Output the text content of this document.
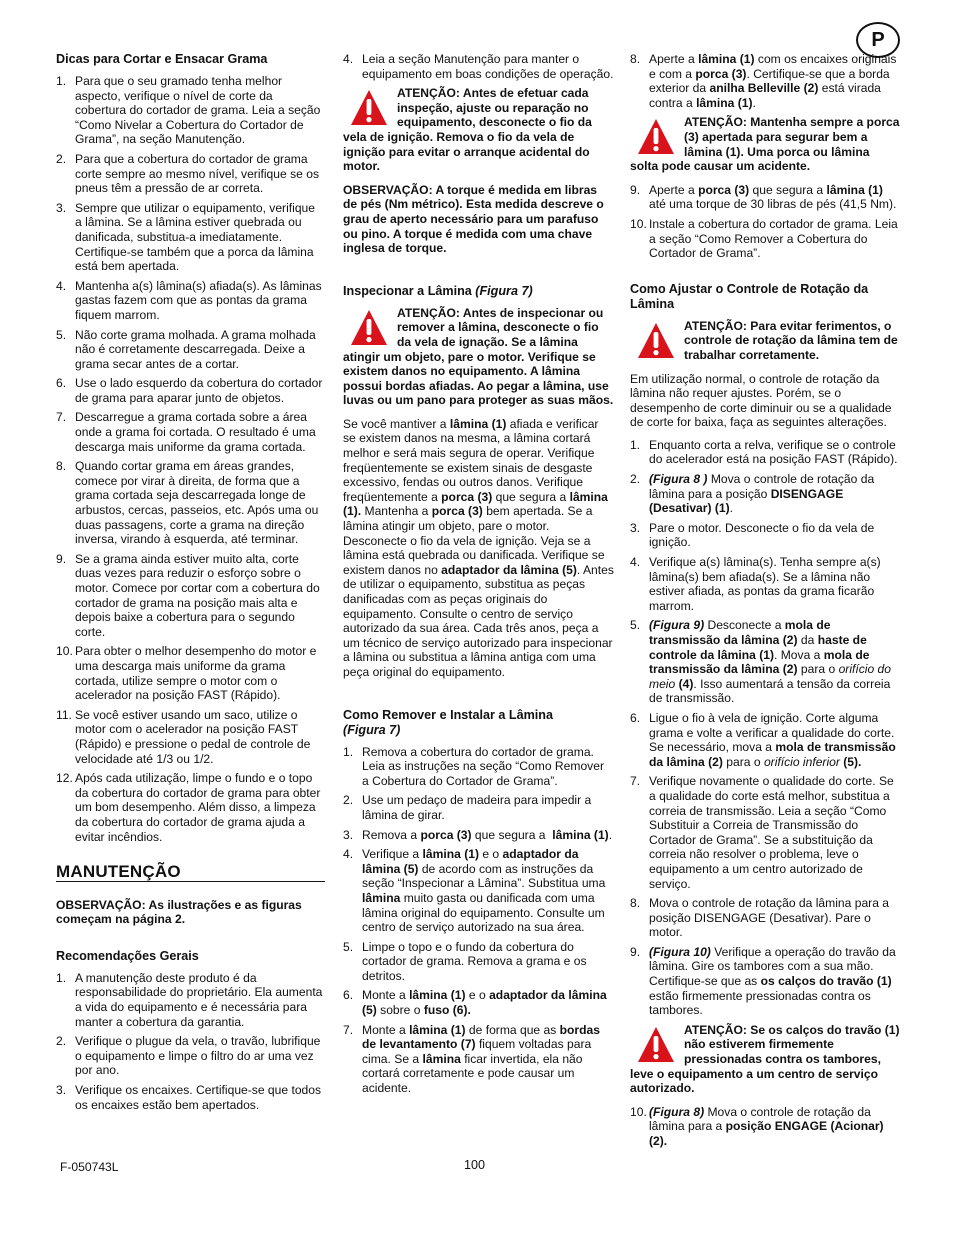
P
Dicas para Cortar e Ensacar Grama
1. Para que o seu gramado tenha melhor aspecto, verifique o nível de corte da cobertura do cortador de grama. Leia a seção “Como Nivelar a Cobertura do Cortador de Grama”, na seção Manutenção.
2. Para que a cobertura do cortador de grama corte sempre ao mesmo nível, verifique se os pneus têm a pressão de ar correta.
3. Sempre que utilizar o equipamento, verifique a lâmina. Se a lâmina estiver quebrada ou danificada, substitua-a imediatamente. Certifique-se também que a porca da lâmina está bem apertada.
4. Mantenha a(s) lâmina(s) afiada(s). As lâminas gastas fazem com que as pontas da grama fiquem marrom.
5. Não corte grama molhada. A grama molhada não é corretamente descarregada. Deixe a grama secar antes de a cortar.
6. Use o lado esquerdo da cobertura do cortador de grama para aparar junto de objetos.
7. Descarregue a grama cortada sobre a área onde a grama foi cortada. O resultado é uma descarga mais uniforme da grama cortada.
8. Quando cortar grama em áreas grandes, comece por virar à direita, de forma que a grama cortada seja descarregada longe de arbustos, cercas, passeios, etc. Após uma ou duas passagens, corte a grama na direção inversa, virando à esquerda, até terminar.
9. Se a grama ainda estiver muito alta, corte duas vezes para reduzir o esforço sobre o motor. Comece por cortar com a cobertura do cortador de grama na posição mais alta e depois baixe a cobertura para o segundo corte.
10. Para obter o melhor desempenho do motor e uma descarga mais uniforme da grama cortada, utilize sempre o motor com o acelerador na posição FAST (Rápido).
11. Se você estiver usando um saco, utilize o motor com o acelerador na posição FAST (Rápido) e pressione o pedal de controle de velocidade até 1/3 ou 1/2.
12. Após cada utilização, limpe o fundo e o topo da cobertura do cortador de grama para obter um bom desempenho. Além disso, a limpeza da cobertura do cortador de grama ajuda a evitar incêndios.
MANUTENÇÃO

OBSERVAÇÃO: As ilustrações e as figuras começam na página 2.

Recomendações Gerais
1. A manutenção deste produto é da responsabilidade do proprietário. Ela aumenta a vida do equipamento e é necessária para manter a cobertura da garantia.
2. Verifique o plugue da vela, o travão, lubrifique o equipamento e limpe o filtro do ar uma vez por ano.
3. Verifique os encaixes. Certifique-se que todos os encaixes estão bem apertados.
4. Leia a seção Manutenção para manter o equipamento em boas condições de operação.
ATENÇÃO: Antes de efetuar cada inspeção, ajuste ou reparação no equipamento, desconecte o fio da vela de ignição. Remova o fio da vela de ignição para evitar o arranque acidental do motor.

OBSERVAÇÃO: A torque é medida em libras de pés (Nm métrico). Esta medida descreve o grau de aperto necessário para um parafuso ou pino. A torque é medida com uma chave inglesa de torque.

Inspecionar a Lâmina (Figura 7)
ATENÇÃO: Antes de inspecionar ou remover a lâmina, desconecte o fio da vela de ignação. Se a lâmina atingir um objeto, pare o motor. Verifique se existem danos no equipamento. A lâmina possui bordas afiadas. Ao pegar a lâmina, use luvas ou um pano para proteger as suas mãos.

Se você mantiver a lâmina (1) afiada e verificar se existem danos na mesma, a lâmina cortará melhor e será mais segura de operar. Verifique freqüentemente se existem sinais de desgaste excessivo, fendas ou outros danos. Verifique freqüentemente a porca (3) que segura a lâmina (1). Mantenha a porca (3) bem apertada. Se a lâmina atingir um objeto, pare o motor. Desconecte o fio da vela de ignição. Veja se a lâmina está quebrada ou danificada. Verifique se existem danos no adaptador da lâmina (5). Antes de utilizar o equipamento, substitua as peças danificadas com as peças originais do equipamento. Consulte o centro de serviço autorizado da sua área. Cada três anos, peça a um técnico de serviço autorizado para inspecionar a lâmina ou substitua a lâmina antiga com uma peça original do equipamento.

Como Remover e Instalar a Lâmina
(Figura 7)
1. Remova a cobertura do cortador de grama. Leia as instruções na seção “Como Remover a Cobertura do Cortador de Grama”.
2. Use um pedaço de madeira para impedir a lâmina de girar.
3. Remova a porca (3) que segura a  lâmina (1).
4. Verifique a lâmina (1) e o adaptador da lâmina (5) de acordo com as instruções da seção “Inspecionar a Lâmina”. Substitua uma lâmina muito gasta ou danificada com uma lâmina original do equipamento. Consulte um centro de serviço autorizado na sua área.
5. Limpe o topo e o fundo da cobertura do cortador de grama. Remova a grama e os detritos.
6. Monte a lâmina (1) e o adaptador da lâmina (5) sobre o fuso (6).
7. Monte a lâmina (1) de forma que as bordas de levantamento (7) fiquem voltadas para cima. Se a lâmina ficar invertida, ela não cortará corretamente e pode causar um acidente.
8. Aperte a lâmina (1) com os encaixes originais e com a porca (3). Certifique-se que a borda exterior da anilha Belleville (2) está virada contra a lâmina (1).
ATENÇÃO: Mantenha sempre a porca (3) apertada para segurar bem a lâmina (1). Uma porca ou lâmina solta pode causar um acidente.
9. Aperte a porca (3) que segura a lâmina (1) até uma torque de 30 libras de pés (41,5 Nm).
10. Instale a cobertura do cortador de grama. Leia a seção “Como Remover a Cobertura do Cortador de Grama”.
Como Ajustar o Controle de Rotação da Lâmina
ATENÇÃO: Para evitar ferimentos, o controle de rotação da lâmina tem de trabalhar corretamente.

Em utilização normal, o controle de rotação da lâmina não requer ajustes. Porém, se o desempenho de corte diminuir ou se a qualidade de corte for baixa, faça as seguintes alterações.

1. Enquanto corta a relva, verifique se o controle do acelerador está na posição FAST (Rápido).
2. (Figura 8 ) Mova o controle de rotação da lâmina para a posição DISENGAGE (Desativar) (1).
3. Pare o motor. Desconecte o fio da vela de ignição.
4. Verifique a(s) lâmina(s). Tenha sempre a(s) lâmina(s) bem afiada(s). Se a lâmina não estiver afiada, as pontas da grama ficarão marrom.
5. (Figura 9) Desconecte a mola de transmissão da lâmina (2) da haste de controle da lâmina (1). Mova a mola de transmissão da lâmina (2) para o orifício do meio (4). Isso aumentará a tensão da correia de transmissão.
6. Ligue o fio à vela de ignição. Corte alguma grama e volte a verificar a qualidade do corte. Se necessário, mova a mola de transmissão da lâmina (2) para o orifício inferior (5).
7. Verifique novamente o qualidade do corte. Se a qualidade do corte está melhor, substitua a correia de transmissão. Leia a seção “Como Substituir a Correia de Transmissão do Cortador de Grama”. Se a substituição da correia não resolver o problema, leve o equipamento a um centro autorizado de serviço.
8. Mova o controle de rotação da lâmina para a posição DISENGAGE (Desativar). Pare o motor.
9. (Figura 10) Verifique a operação do travão da lâmina. Gire os tambores com a sua mão. Certifique-se que as os calços do travão (1) estão firmemente pressionadas contra os tambores.
ATENÇÃO: Se os calços do travão (1) não estiverem firmemente pressionadas contra os tambores, leve o equipamento a um centro de serviço autorizado.
10. (Figura 8) Mova o controle de rotação da lâmina para a posição ENGAGE (Acionar) (2).
F-050743L	100
